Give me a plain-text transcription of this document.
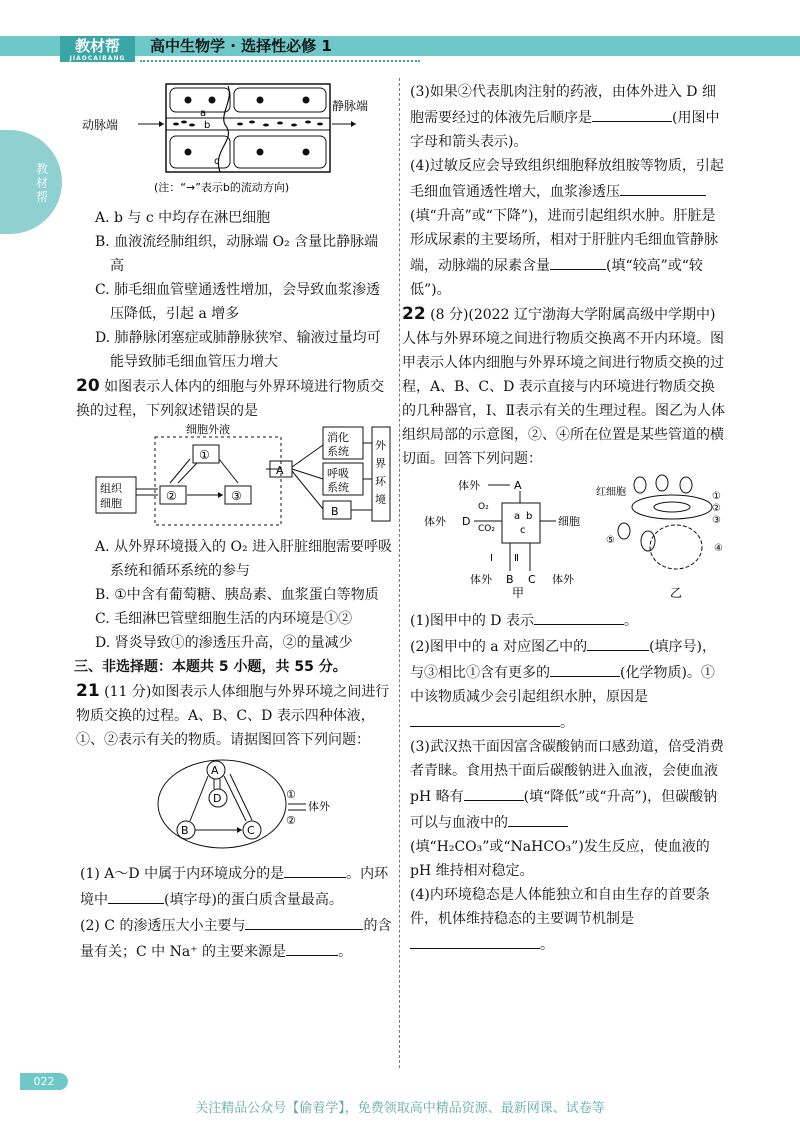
教材帮
JIAOCAIBANG
高中生物学 · 选择性必修 1
教材帮
动脉端
静脉端
a
b
c
(注：“→”表示b的流动方向)

A. b 与 c 中均存在淋巴细胞

B. 血液流经肺组织，动脉端 O₂ 含量比静脉端高

C. 肺毛细血管壁通透性增加，会导致血浆渗透压降低，引起 a 增多

D. 肺静脉闭塞症或肺静脉狭窄、输液过量均可能导致肺毛细血管压力增大

20 如图表示人体内的细胞与外界环境进行物质交换的过程，下列叙述错误的是

细胞外液
①
②	③
组织
细胞
A
消化
系统
呼吸
系统
B
外
界
环
境

A. 从外界环境摄入的 O₂ 进入肝脏细胞需要呼吸系统和循环系统的参与

B. ①中含有葡萄糖、胰岛素、血浆蛋白等物质

C. 毛细淋巴管壁细胞生活的内环境是①②

D. 肾炎导致①的渗透压升高，②的量减少

三、非选择题：本题共 5 小题，共 55 分。

21 (11 分)如图表示人体细胞与外界环境之间进行物质交换的过程。A、B、C、D 表示四种体液，①、②表示有关的物质。请据图回答下列问题：

A
D
B	C
①
②
体外

(1) A～D 中属于内环境成分的是	。内环境中	(填字母)的蛋白质含量最高。

(2) C 的渗透压大小主要与	的含量有关；C 中 Na⁺ 的主要来源是	。

(3)如果②代表肌肉注射的药液，由体外进入 D 细胞需要经过的体液先后顺序是	(用图中字母和箭头表示)。

(4)过敏反应会导致组织细胞释放组胺等物质，引起毛细血管通透性增大，血浆渗透压(填“升高”或“下降”)，进而引起组织水肿。肝脏是形成尿素的主要场所，相对于肝脏内毛细血管静脉端，动脉端的尿素含量	(填“较高”或“较低”)。

22 (8 分)(2022 辽宁渤海大学附属高级中学期中)人体与外界环境之间进行物质交换离不开内环境。图甲表示人体内细胞与外界环境之间进行物质交换的过程，A、B、C、D 表示直接与内环境进行物质交换的几种器官，Ⅰ、Ⅱ表示有关的生理过程。图乙为人体组织局部的示意图，②、④所在位置是某些管道的横切面。回答下列问题：

a b
c
体外	A
O₂
CO₂
体外 D	细胞
Ⅰ Ⅱ
体外 B C 体外
甲
红细胞	①
②
③
④
⑤
乙

(1)图甲中的 D 表示	。

(2)图甲中的 a 对应图乙中的	(填序号)，与③相比①含有更多的	(化学物质)。①中该物质减少会引起组织水肿，原因是。

(3)武汉热干面因富含碳酸钠而口感劲道，倍受消费者青睐。食用热干面后碳酸钠进入血液，会使血液 pH 略有	(填“降低”或“升高”)，但碳酸钠可以与血液中的(填“H₂CO₃”或“NaHCO₃”)发生反应，使血液的 pH 维持相对稳定。

(4)内环境稳态是人体能独立和自由生存的首要条件，机体维持稳态的主要调节机制是。

022
关注精品公众号【偷着学】，免费领取高中精品资源、最新网课、试卷等
